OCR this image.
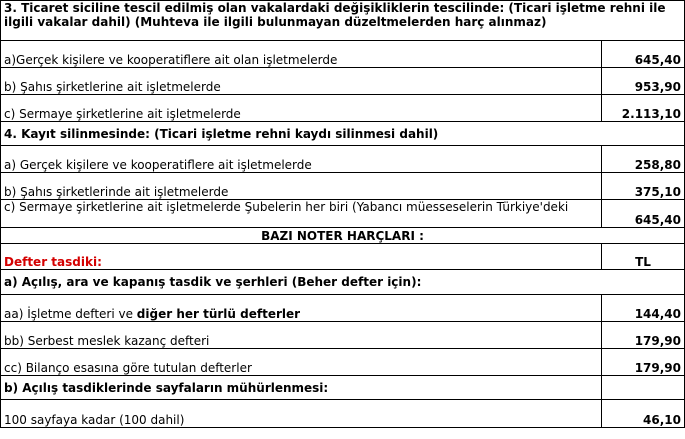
3. Ticaret siciline tescil edilmiş olan vakalardaki değişikliklerin tescilinde: (Ticari işletme rehni ile ilgili vakalar dahil) (Muhteva ile ilgili bulunmayan düzeltmelerden harç alınmaz)	
a)Gerçek kişilere ve kooperatiflere ait olan işletmelerde	645,40
b) Şahıs şirketlerine ait işletmelerde	953,90
c) Sermaye şirketlerine ait işletmelerde	2.113,10
4. Kayıt silinmesinde: (Ticari işletme rehni kaydı silinmesi dahil)	
a) Gerçek kişilere ve kooperatiflere ait işletmelerde	258,80
b) Şahıs şirketlerinde ait işletmelerde	375,10

c) Sermaye şirketlerine ait işletmelerde Şubelerin her biri (Yabancı müesseselerin Türkiye'deki	645,40
BAZI NOTER HARÇLARI :	
Defter tasdiki:	TL
a) Açılış, ara ve kapanış tasdik ve şerhleri (Beher defter için):	
aa) İşletme defteri ve diğer her türlü defterler	144,40
bb) Serbest meslek kazanç defteri	179,90
cc) Bilanço esasına göre tutulan defterler	179,90
b) Açılış tasdiklerinde sayfaların mühürlenmesi:	
100 sayfaya kadar (100 dahil)	46,10
